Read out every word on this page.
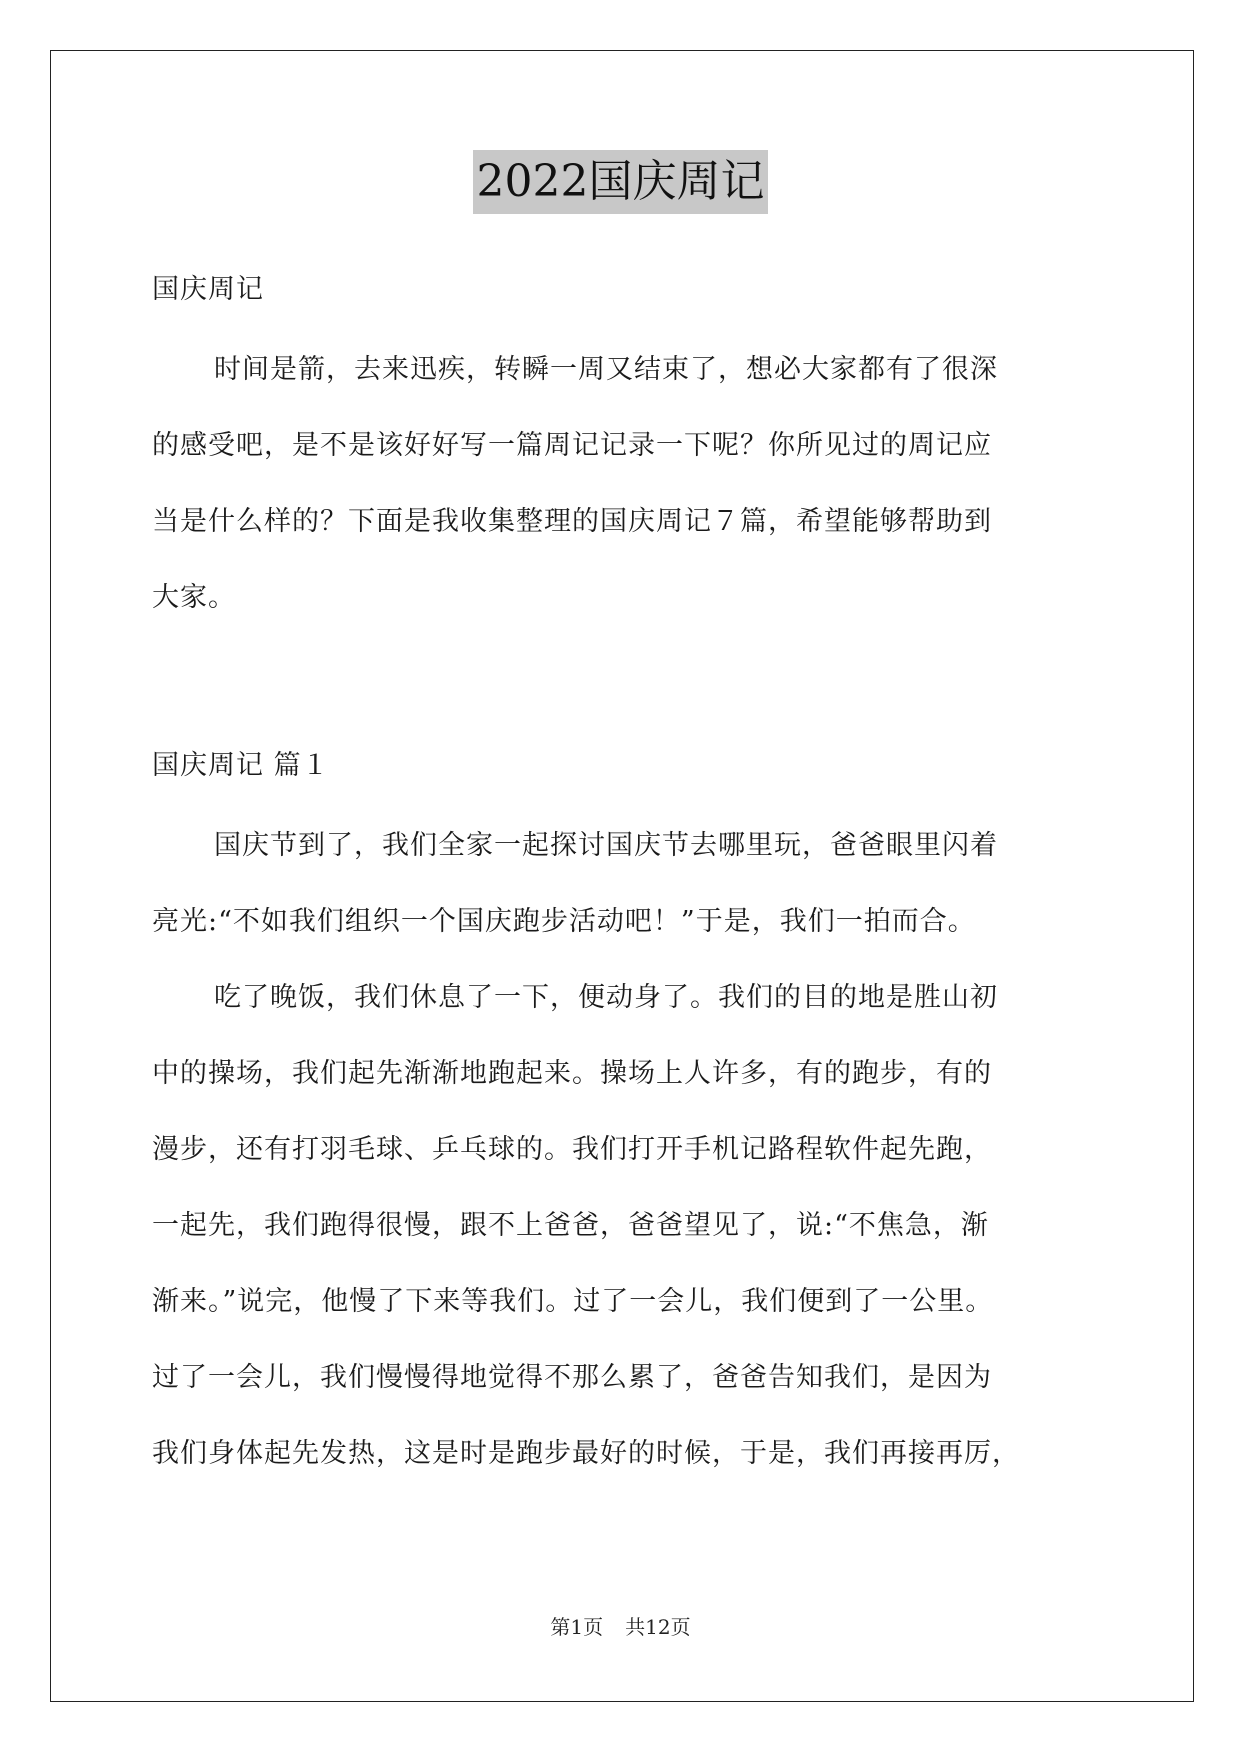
2022国庆周记
国庆周记
时间是箭，去来迅疾，转瞬一周又结束了，想必大家都有了很深
的感受吧，是不是该好好写一篇周记记录一下呢？你所见过的周记应
当是什么样的？下面是我收集整理的国庆周记７篇，希望能够帮助到
大家。
国庆周记 篇１
国庆节到了，我们全家一起探讨国庆节去哪里玩，爸爸眼里闪着
亮光:“不如我们组织一个国庆跑步活动吧！”于是，我们一拍而合。
吃了晚饭，我们休息了一下，便动身了。我们的目的地是胜山初
中的操场，我们起先渐渐地跑起来。操场上人许多，有的跑步，有的
漫步，还有打羽毛球、乒乓球的。我们打开手机记路程软件起先跑，
一起先，我们跑得很慢，跟不上爸爸，爸爸望见了，说:“不焦急，渐
渐来。”说完，他慢了下来等我们。过了一会儿，我们便到了一公里。
过了一会儿，我们慢慢得地觉得不那么累了，爸爸告知我们，是因为
我们身体起先发热，这是时是跑步最好的时候，于是，我们再接再厉，
第1页 共12页
